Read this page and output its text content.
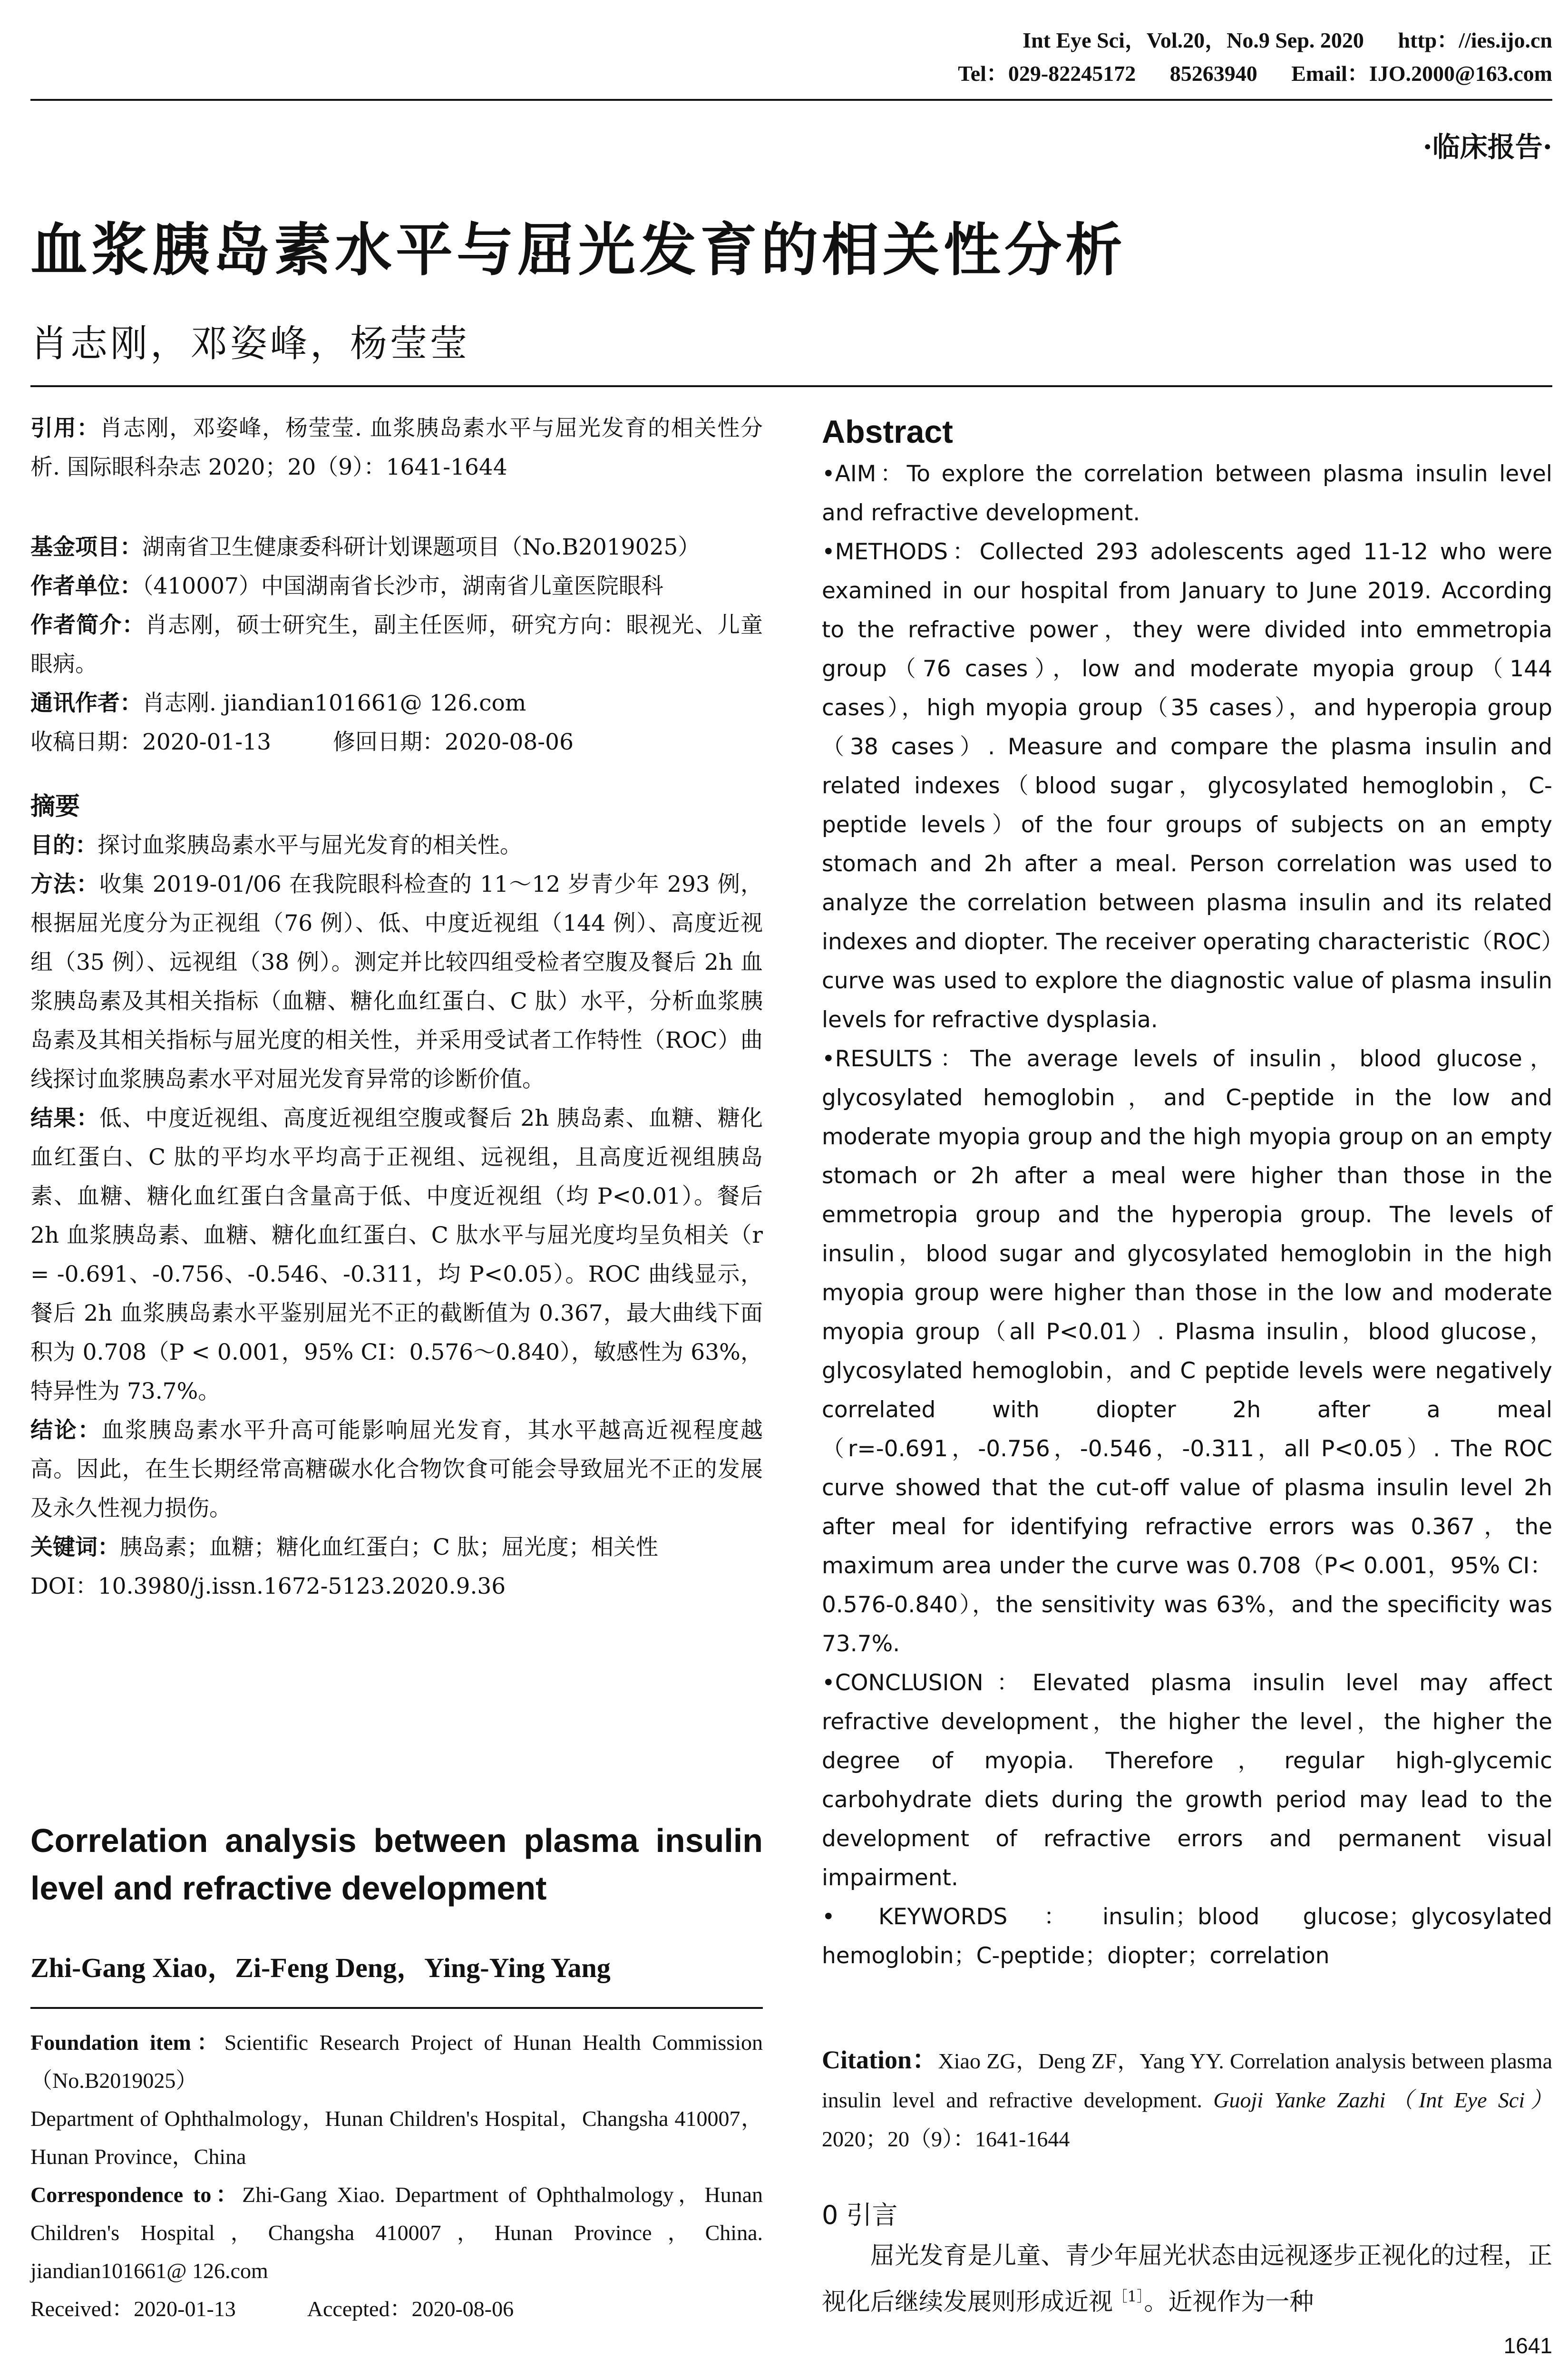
Int Eye Sci，Vol.20，No.9 Sep. 2020 http：//ies.ijo.cn
Tel：029-82245172 85263940 Email：IJO.2000@163.com
·临床报告·
血浆胰岛素水平与屈光发育的相关性分析
肖志刚，邓姿峰，杨莹莹

引用：肖志刚，邓姿峰，杨莹莹. 血浆胰岛素水平与屈光发育的相关性分析. 国际眼科杂志 2020；20（9）：1641-1644

基金项目：湖南省卫生健康委科研计划课题项目（No.B2019025）

作者单位：（410007）中国湖南省长沙市，湖南省儿童医院眼科

作者简介：肖志刚，硕士研究生，副主任医师，研究方向：眼视光、儿童眼病。

通讯作者：肖志刚. jiandian101661@ 126.com

收稿日期：2020-01-13	修回日期：2020-08-06

摘要

目的：探讨血浆胰岛素水平与屈光发育的相关性。

方法：收集 2019-01/06 在我院眼科检查的 11～12 岁青少年 293 例，根据屈光度分为正视组（76 例）、低、中度近视组（144 例）、高度近视组（35 例）、远视组（38 例）。测定并比较四组受检者空腹及餐后 2h 血浆胰岛素及其相关指标（血糖、糖化血红蛋白、C 肽）水平，分析血浆胰岛素及其相关指标与屈光度的相关性，并采用受试者工作特性（ROC）曲线探讨血浆胰岛素水平对屈光发育异常的诊断价值。

结果：低、中度近视组、高度近视组空腹或餐后 2h 胰岛素、血糖、糖化血红蛋白、C 肽的平均水平均高于正视组、远视组，且高度近视组胰岛素、血糖、糖化血红蛋白含量高于低、中度近视组（均 P<0.01）。餐后 2h 血浆胰岛素、血糖、糖化血红蛋白、C 肽水平与屈光度均呈负相关（r = -0.691、-0.756、-0.546、-0.311，均 P<0.05）。ROC 曲线显示，餐后 2h 血浆胰岛素水平鉴别屈光不正的截断值为 0.367，最大曲线下面积为 0.708（P < 0.001，95% CI：0.576～0.840），敏感性为 63%，特异性为 73.7%。

结论：血浆胰岛素水平升高可能影响屈光发育，其水平越高近视程度越高。因此，在生长期经常高糖碳水化合物饮食可能会导致屈光不正的发展及永久性视力损伤。

关键词：胰岛素；血糖；糖化血红蛋白；C 肽；屈光度；相关性

DOI：10.3980/j.issn.1672-5123.2020.9.36

Correlation analysis between plasma insulin level and refractive development
Zhi-Gang Xiao，Zi-Feng Deng，Ying-Ying Yang

Foundation item：Scientific Research Project of Hunan Health Commission（No.B2019025）

Department of Ophthalmology，Hunan Children's Hospital，Changsha 410007，Hunan Province，China

Correspondence to：Zhi-Gang Xiao. Department of Ophthalmology，Hunan Children's Hospital，Changsha 410007，Hunan Province，China. jiandian101661@ 126.com

Received：2020-01-13	Accepted：2020-08-06

Abstract

•AIM：To explore the correlation between plasma insulin level and refractive development.

•METHODS：Collected 293 adolescents aged 11-12 who were examined in our hospital from January to June 2019. According to the refractive power，they were divided into emmetropia group（76 cases），low and moderate myopia group（144 cases），high myopia group（35 cases），and hyperopia group（38 cases）. Measure and compare the plasma insulin and related indexes（blood sugar，glycosylated hemoglobin，C-peptide levels）of the four groups of subjects on an empty stomach and 2h after a meal. Person correlation was used to analyze the correlation between plasma insulin and its related indexes and diopter. The receiver operating characteristic（ROC）curve was used to explore the diagnostic value of plasma insulin levels for refractive dysplasia.

•RESULTS：The average levels of insulin，blood glucose，glycosylated hemoglobin，and C-peptide in the low and moderate myopia group and the high myopia group on an empty stomach or 2h after a meal were higher than those in the emmetropia group and the hyperopia group. The levels of insulin，blood sugar and glycosylated hemoglobin in the high myopia group were higher than those in the low and moderate myopia group（all P<0.01）. Plasma insulin，blood glucose，glycosylated hemoglobin，and C peptide levels were negatively correlated with diopter 2h after a meal（r=-0.691，-0.756，-0.546，-0.311，all P<0.05）. The ROC curve showed that the cut-off value of plasma insulin level 2h after meal for identifying refractive errors was 0.367，the maximum area under the curve was 0.708（P< 0.001，95% CI：0.576-0.840），the sensitivity was 63%，and the specificity was 73.7%.

•CONCLUSION：Elevated plasma insulin level may affect refractive development，the higher the level，the higher the degree of myopia. Therefore，regular high-glycemic carbohydrate diets during the growth period may lead to the development of refractive errors and permanent visual impairment.

• KEYWORDS：insulin；blood glucose；glycosylated hemoglobin；C-peptide；diopter；correlation

Citation：Xiao ZG，Deng ZF，Yang YY. Correlation analysis between plasma insulin level and refractive development. Guoji Yanke Zazhi（Int Eye Sci） 2020；20（9）：1641-1644

0 引言

屈光发育是儿童、青少年屈光状态由远视逐步正视化的过程，正视化后继续发展则形成近视$^{[1]}$。近视作为一种

1641
